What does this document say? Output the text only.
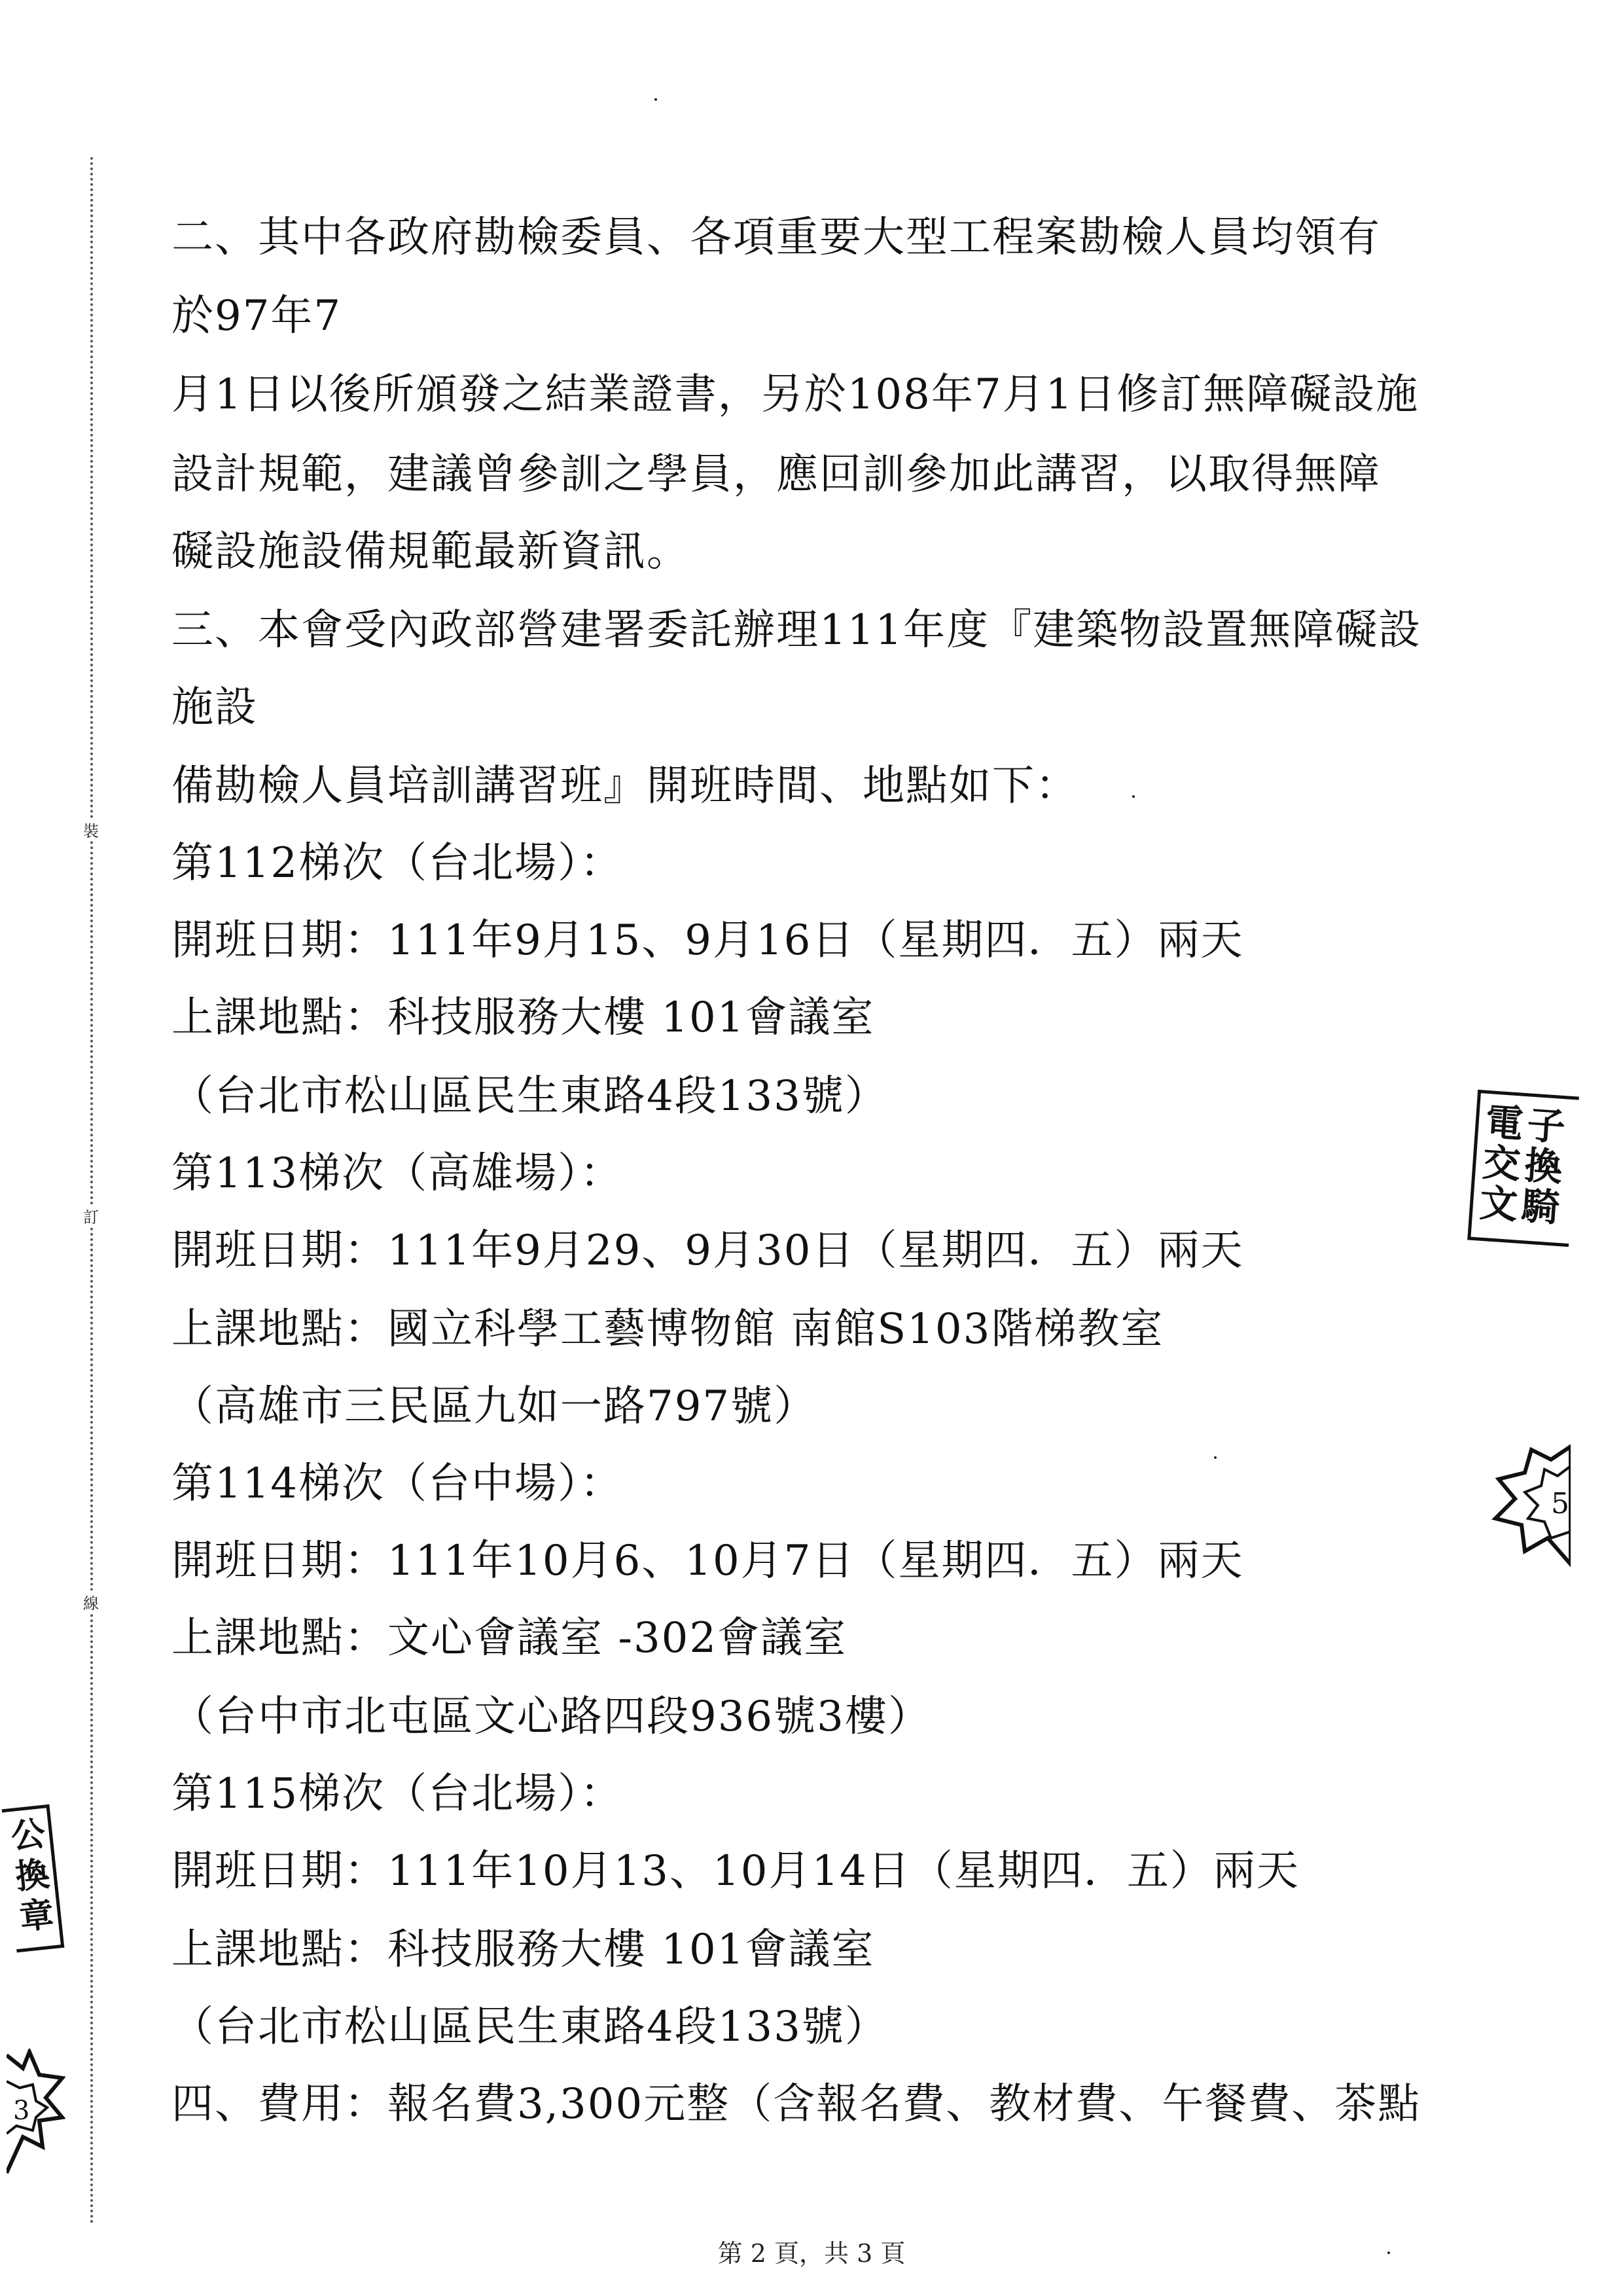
裝
訂
線
二、其中各政府勘檢委員、各項重要大型工程案勘檢人員均領有
於97年7
月1日以後所頒發之結業證書，另於108年7月1日修訂無障礙設施
設計規範，建議曾參訓之學員，應回訓參加此講習，以取得無障
礙設施設備規範最新資訊。
三、本會受內政部營建署委託辦理111年度『建築物設置無障礙設
施設
備勘檢人員培訓講習班』開班時間、地點如下：
第112梯次（台北場）：
開班日期：111年9月15、9月16日（星期四．五）兩天
上課地點：科技服務大樓 101會議室
（台北市松山區民生東路4段133號）
第113梯次（高雄場）：
開班日期：111年9月29、9月30日（星期四．五）兩天
上課地點：國立科學工藝博物館 南館S103階梯教室
（高雄市三民區九如一路797號）
第114梯次（台中場）：
開班日期：111年10月6、10月7日（星期四．五）兩天
上課地點：文心會議室 -302會議室
（台中市北屯區文心路四段936號3樓）
第115梯次（台北場）：
開班日期：111年10月13、10月14日（星期四．五）兩天
上課地點：科技服務大樓 101會議室
（台北市松山區民生東路4段133號）
四、費用：報名費3,300元整（含報名費、教材費、午餐費、茶點
第 2 頁，共 3 頁
電子
交換
文騎
5
公
換
章
3
